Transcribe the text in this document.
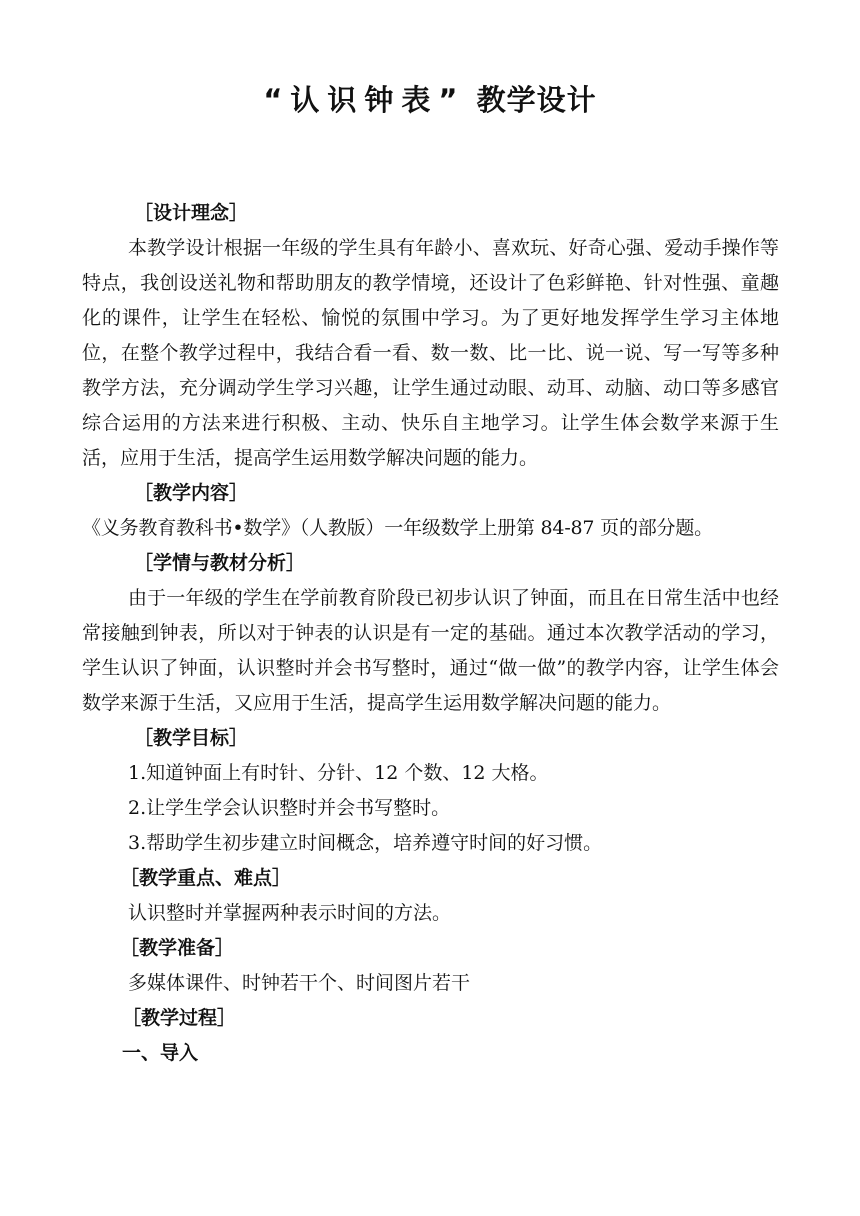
“认识钟表” 教学设计
［设计理念］

本教学设计根据一年级的学生具有年龄小、喜欢玩、好奇心强、爱动手操作等特点，我创设送礼物和帮助朋友的教学情境，还设计了色彩鲜艳、针对性强、童趣化的课件，让学生在轻松、愉悦的氛围中学习。为了更好地发挥学生学习主体地位，在整个教学过程中，我结合看一看、数一数、比一比、说一说、写一写等多种教学方法，充分调动学生学习兴趣，让学生通过动眼、动耳、动脑、动口等多感官综合运用的方法来进行积极、主动、快乐自主地学习。让学生体会数学来源于生活，应用于生活，提高学生运用数学解决问题的能力。

［教学内容］

《义务教育教科书•数学》（人教版）一年级数学上册第 84-87 页的部分题。

［学情与教材分析］

由于一年级的学生在学前教育阶段已初步认识了钟面，而且在日常生活中也经常接触到钟表，所以对于钟表的认识是有一定的基础。通过本次教学活动的学习，学生认识了钟面，认识整时并会书写整时，通过“做一做”的教学内容，让学生体会数学来源于生活，又应用于生活，提高学生运用数学解决问题的能力。

［教学目标］
1.知道钟面上有时针、分针、12 个数、12 大格。
2.让学生学会认识整时并会书写整时。
3.帮助学生初步建立时间概念，培养遵守时间的好习惯。
［教学重点、难点］
认识整时并掌握两种表示时间的方法。
［教学准备］
多媒体课件、时钟若干个、时间图片若干
［教学过程］
一、导入
